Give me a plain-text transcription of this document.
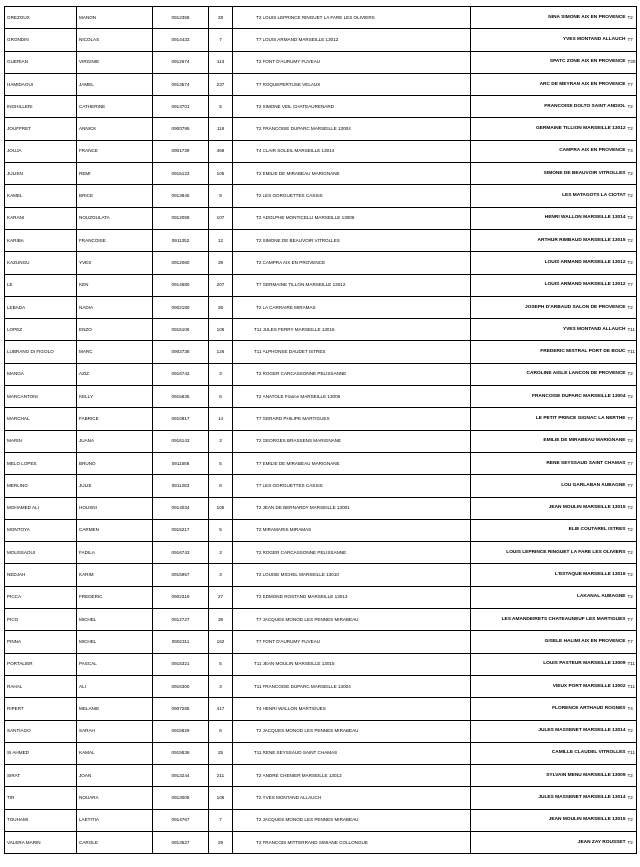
GREZOUX	MANON	0912358	28	T2	LOUIS LEPRINCE RINGUET LA FARE LES OLIVIERS	NINA SIMONE AIX EN PROVENCE	T2
GRONDIN	NICOLAS	0914433	7	T7	LOUIS ARMAND MARSEILLE 13012	YVES MONTAND ALLAUCH	T7
GUERIAN	VIRGINIE	0912674	113	T2	FONT D'AURUMY FUVEAU	SPATC ZONE AIX EN PROVENCE	T30
HAMIDAOUI	JAMEL	0913574	237	T7	ROQUEPERTUSE VELAUX	ARC DE MEYRAN AIX EN PROVENCE	T7
INGHILLERI	CATHERINE	0913701	5	T2	SIMONE VEIL CHATEAURENARD	FRANCOISE DOLTO SAINT ANDIOL	T2
JOUFFRET	ANNICK	0900795	118	T2	FRANCOISE DUPARC MARSEILLE 13004	GERMAINE TILLION MARSEILLE 13012	T2
JOUJA	FRANCE	0901739	468	T4	CLAIR SOLEIL MARSEILLE 13014	CAMPRA AIX EN PROVENCE	T4
JULIEN	REMI	0915123	105	T2	EMILIE DE MIRABEAU MARIGNANE	SIMONE DE BEAUVOIR VITROLLES	T2
KAMEL	BRICE	0913845	9	T2	LES GORGUETTES CASSIS	LES MATAGOTS LA CIOTAT	T2
KARANI	NOUZOULATA	0912058	107	T2	ADOLPHE MONTICELLI MARSEILLE 13008	HENRI WALLON MARSEILLE 13014	T2
KARIBA	FRANCOISE	0911352	12	T2	SIMONE DE BEAUVOIR VITROLLES	ARTHUR RIMBAUD MARSEILLE 13015	T2
KAZUNGU	YVES	0912060	39	T2	CAMPRA AIX EN PROVENCE	LOUIS ARMAND MARSEILLE 13012	T2
LE	KEN	0914680	207	T7	GERMAINE TILLON MARSEILLE 13012	LOUIS ARMAND MARSEILLE 13012	T7
LEBADA	NADIA	0902180	36	T2	LA CARRAIRE MIRAMAS	JOSEPH D'ARBAUD SALON DE PROVENCE	T2
LOPEZ	ENZO	0915106	106	T11	JULES FERRY MARSEILLE 13015	YVES MONTAND ALLAUCH	T11
LUBRANO DI FIGOLO	MARC	0902738	126	T11	ALPHONSE DAUDET ISTRES	FREDERIC MISTRAL PORT DE BOUC	T11
MANGA	AZIZ	0916742	3	T2	ROGER CARCASSONNE PELISSANNE	CAROLINE AIGLE LANCON DE PROVENCE	T2
MARCANTONI	KELLY	0915635	6	T2	ANATOLE France MARSEILLE 13006	FRANCOISE DUPARC MARSEILLE 13004	T2
MARCHAL	FABRICE	0910817	14	T7	GERARD PHILIPE MARTIGUES	LE PETIT PRINCE GIGNAC LA NERTHE	T7
MARIN	JUANA	0916143	3	T2	GEORGES BRASSENS MARIGNANE	EMILIE DE MIRABEAU MARIGNANE	T2
MELO LOPES	BRUNO	0911658	5	T7	EMILIE DE MIRABEAU MARIGNANE	RENE SEYSSAUD SAINT CHAMAS	T7
MERLING	JULIE	0911283	8	T7	LES GORGUETTES CASSIS	LOU GARLABAN AUBAGNE	T7
MOHAMED ALI	HOUSNI	0914034	105	T2	JEAN DE BERNARDY MARSEILLE 13001	JEAN MOULIN MARSEILLE 13015	T2
MONTOYA	CARMEN	0915217	5	T2	MIRAMARIS MIRAMAS	ELIE COUTAREL ISTRES	T2
MOUSSAOUI	FADILA	0916743	3	T2	ROGER CARCASSONNE PELISSANNE	LOUIS LEPRINCE RINGUET LA FARE LES OLIVIERS	T2
NEDJAH	KARIM	0915957	3	T2	LOUISE MICHEL MARSEILLE 13010	L'ESTAQUE MARSEILLE 13016	T2
PICCA	FREDERIC	0902319	27	T2	EDMOND ROSTAND MARSEILLE 13013	LAKANAL AUBAGNE	T2
PICO	MICHEL	0912727	38	T7	JACQUES MONOD LES PENNES MIRABEAU	LES AMANDEIRETS CHATEAUNEUF LES MARTIGUES	T7
PINNA	MICHEL	0902311	162	T7	FONT D'AURUMY FUVEAU	GISELE HALIMI AIX EN PROVENCE	T7
PORTALIER	PASCAL	0915321	5	T11	JEAN MOULIN MARSEILLE 13015	LOUIS PASTEUR MARSEILLE 13009	T11
RAHAL	ALI	0916300	3	T11	FRANCOISE DUPARC MARSEILLE 13004	VIEUX PORT MARSEILLE 13002	T11
RIPERT	MELANIE	0907285	417	T4	HENRI WALLON MARTIGUES	FLORENCE ARTHAUD ROGNES	T4
SANTIAGO	SARAH	0915629	6	T2	JACQUES MONOD LES PENNES MIRABEAU	JULES MASSENET MARSEILLE 13014	T2
SI AHMED	KAMAL	0915836	25	T11	RENE SEYSSAUD SAINT CHAMAS	CAMILLE CLAUDEL VITROLLES	T11
SIRAT	JOAN	0913244	211	T2	ANDRE CHENIER MARSEILLE 13012	SYLVAIN MENU MARSEILLE 13009	T2
TIR	NOUARA	0913005	106	T2	YVES MONTAND ALLAUCH	JULES MASSENET MARSEILLE 13014	T2
TOUHAMI	LAETITIA	0914767	7	T2	JACQUES MONOD LES PENNES MIRABEAU	JEAN MOULIN MARSEILLE 13015	T2
VALERA MARIN	CAROLE	0913527	29	T2	FRANCOIS MITTERRAND SIMIANE COLLONGUE	JEAN ZAY ROUSSET	T2
